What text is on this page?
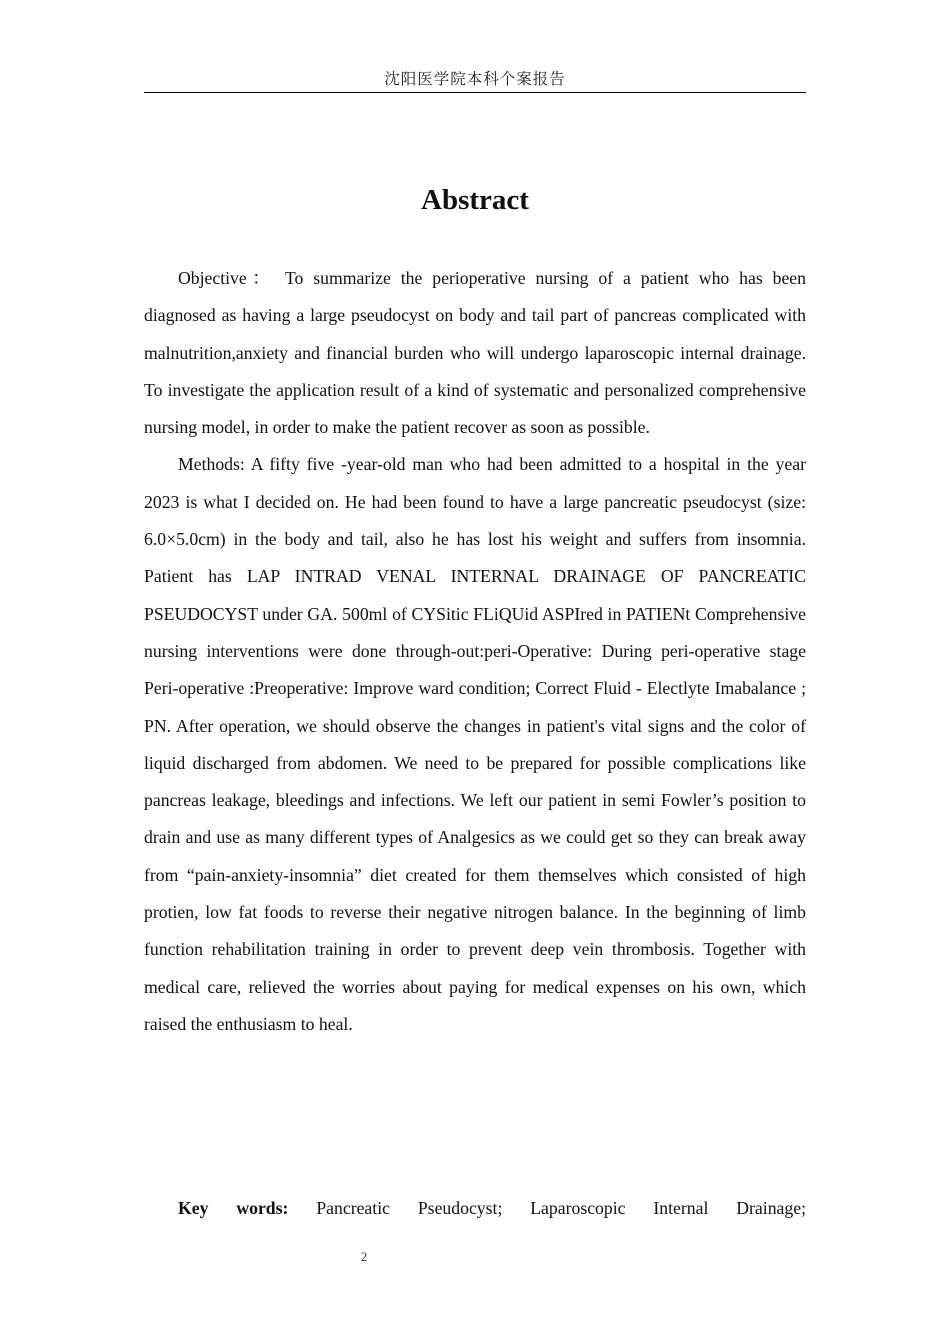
沈阳医学院本科个案报告
Abstract

Objective： To summarize the perioperative nursing of a patient who has been diagnosed as having a large pseudocyst on body and tail part of pancreas complicated with malnutrition,anxiety and financial burden who will undergo laparoscopic internal drainage. To investigate the application result of a kind of systematic and personalized comprehensive nursing model, in order to make the patient recover as soon as possible.

Methods: A fifty five -year-old man who had been admitted to a hospital in the year 2023 is what I decided on. He had been found to have a large pancreatic pseudocyst (size: 6.0×5.0cm) in the body and tail, also he has lost his weight and suffers from insomnia. Patient has LAP INTRAD VENAL INTERNAL DRAINAGE OF PANCREATIC PSEUDOCYST under GA. 500ml of CYSitic FLiQUid ASPIred in PATIENt Comprehensive nursing interventions were done through-out:peri-Operative: During peri-operative stage Peri-operative :Preoperative: Improve ward condition; Correct Fluid - Electlyte Imabalance ; PN. After operation, we should observe the changes in patient's vital signs and the color of liquid discharged from abdomen. We need to be prepared for possible complications like pancreas leakage, bleedings and infections. We left our patient in semi Fowler’s position to drain and use as many different types of Analgesics as we could get so they can break away from “pain-anxiety-insomnia” diet created for them themselves which consisted of high protien, low fat foods to reverse their negative nitrogen balance. In the beginning of limb function rehabilitation training in order to prevent deep vein thrombosis. Together with medical care, relieved the worries about paying for medical expenses on his own, which raised the enthusiasm to heal.

Key words: Pancreatic Pseudocyst; Laparoscopic Internal Drainage;
2
